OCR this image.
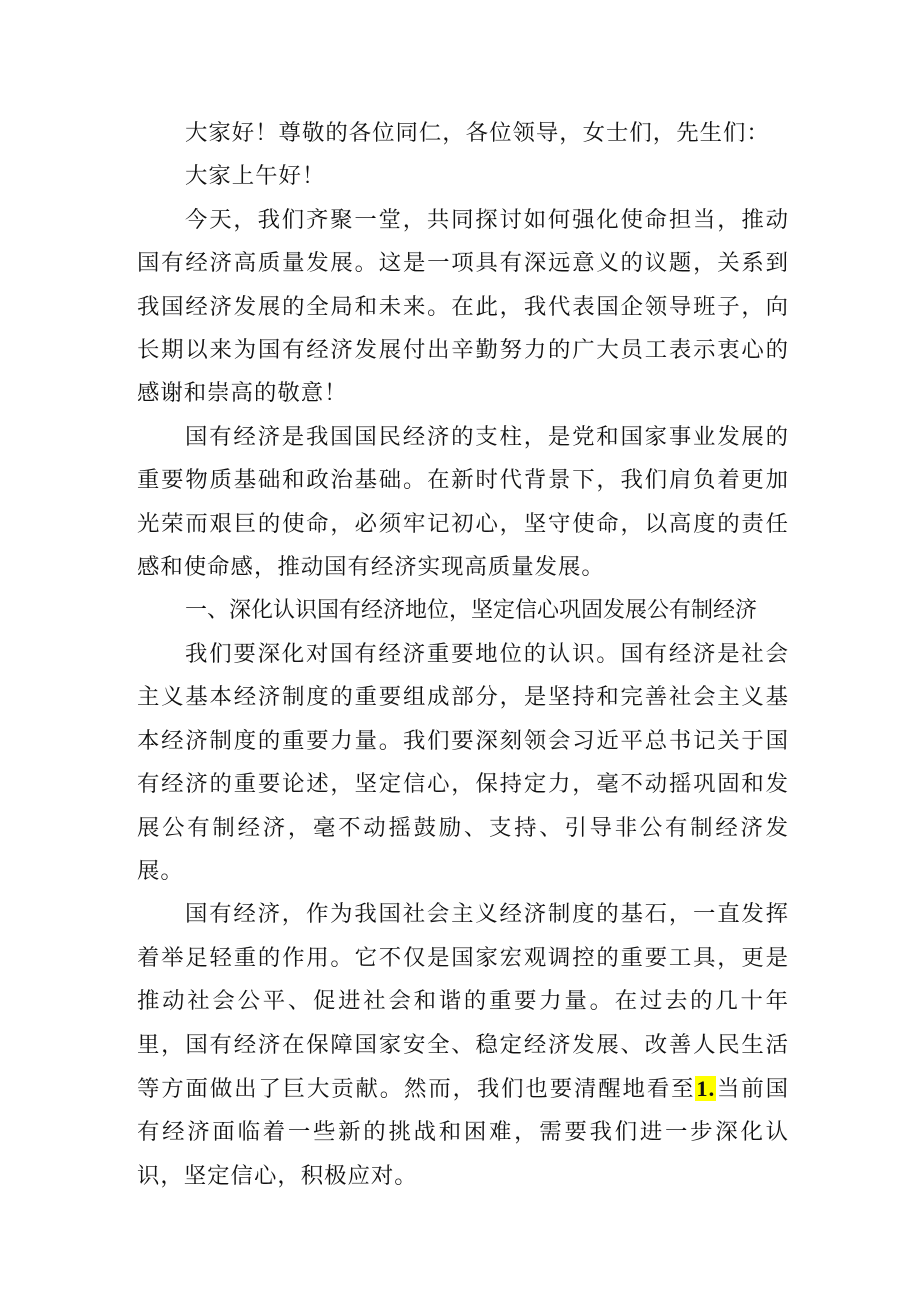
大家好！尊敬的各位同仁，各位领导，女士们，先生们：

大家上午好！

今天，我们齐聚一堂，共同探讨如何强化使命担当，推动国有经济高质量发展。这是一项具有深远意义的议题，关系到我国经济发展的全局和未来。在此，我代表国企领导班子，向长期以来为国有经济发展付出辛勤努力的广大员工表示衷心的感谢和崇高的敬意！

国有经济是我国国民经济的支柱，是党和国家事业发展的重要物质基础和政治基础。在新时代背景下，我们肩负着更加光荣而艰巨的使命，必须牢记初心，坚守使命，以高度的责任感和使命感，推动国有经济实现高质量发展。

一、深化认识国有经济地位，坚定信心巩固发展公有制经济

我们要深化对国有经济重要地位的认识。国有经济是社会主义基本经济制度的重要组成部分，是坚持和完善社会主义基本经济制度的重要力量。我们要深刻领会习近平总书记关于国有经济的重要论述，坚定信心，保持定力，毫不动摇巩固和发展公有制经济，毫不动摇鼓励、支持、引导非公有制经济发展。

国有经济，作为我国社会主义经济制度的基石，一直发挥着举足轻重的作用。它不仅是国家宏观调控的重要工具，更是推动社会公平、促进社会和谐的重要力量。在过去的几十年里，国有经济在保障国家安全、稳定经济发展、改善人民生活等方面做出了巨大贡献。然而，我们也要清醒地看至1.当前国有经济面临着一些新的挑战和困难，需要我们进一步深化认识，坚定信心，积极应对。
